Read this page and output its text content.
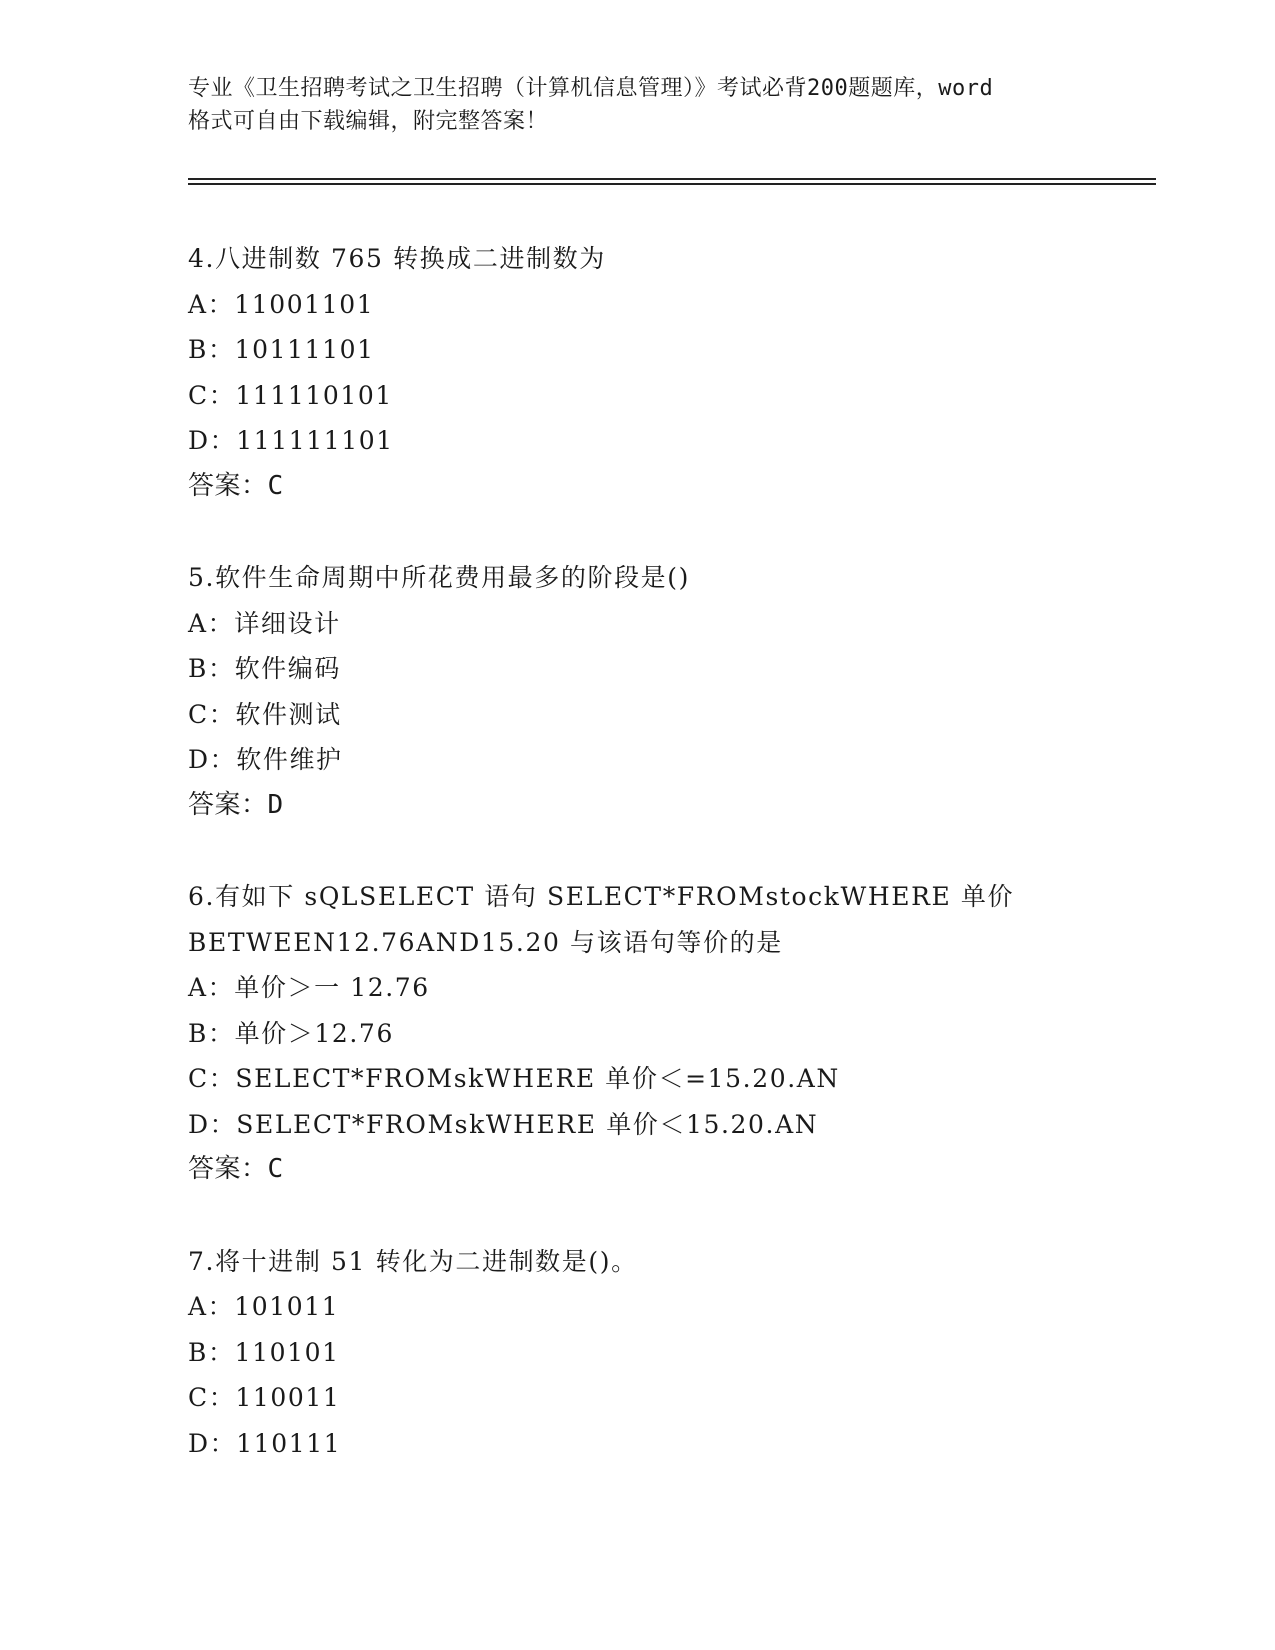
专业《卫生招聘考试之卫生招聘（计算机信息管理）》考试必背200题题库，word
格式可自由下载编辑，附完整答案！
4.八进制数 765 转换成二进制数为
A：11001101
B：10111101
C：111110101
D：111111101
答案：C
5.软件生命周期中所花费用最多的阶段是()
A：详细设计
B：软件编码
C：软件测试
D：软件维护
答案：D
6.有如下 sQLSELECT 语句 SELECT*FROMstockWHERE 单价
BETWEEN12.76AND15.20 与该语句等价的是
A：单价＞一 12.76
B：单价＞12.76
C：SELECT*FROMskWHERE 单价＜=15.20.AN
D：SELECT*FROMskWHERE 单价＜15.20.AN
答案：C
7.将十进制 51 转化为二进制数是()。
A：101011
B：110101
C：110011
D：110111
